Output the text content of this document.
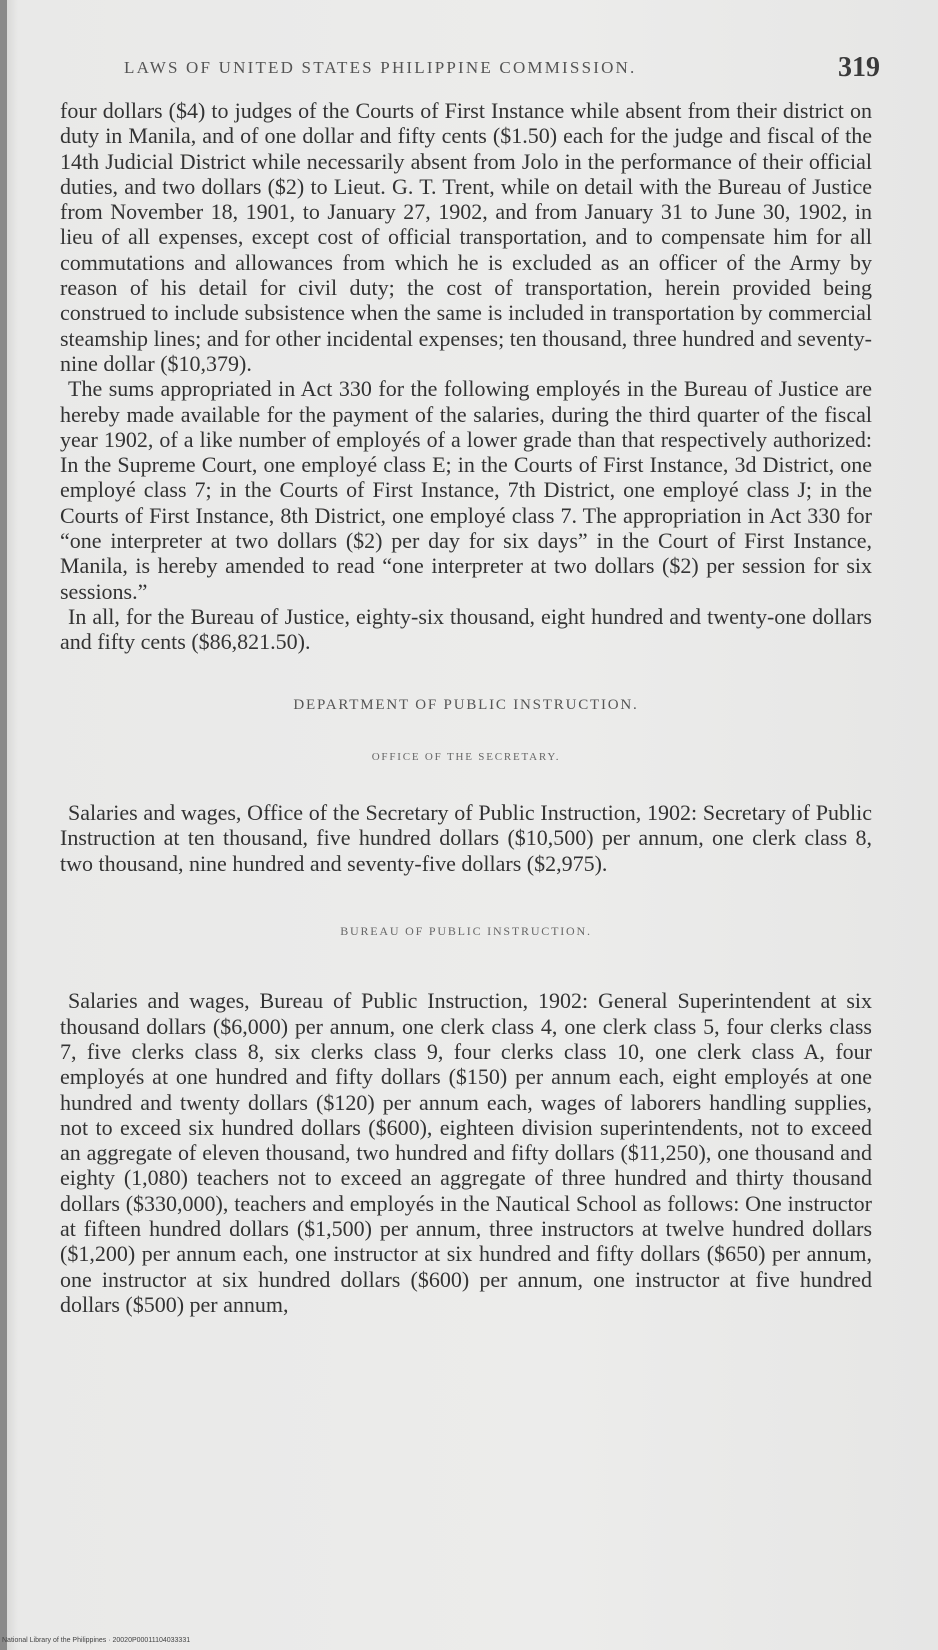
LAWS OF UNITED STATES PHILIPPINE COMMISSION.	319

four dollars ($4) to judges of the Courts of First Instance while absent from their district on duty in Manila, and of one dollar and fifty cents ($1.50) each for the judge and fiscal of the 14th Judicial District while necessarily absent from Jolo in the performance of their official duties, and two dollars ($2) to Lieut. G. T. Trent, while on detail with the Bureau of Justice from November 18, 1901, to January 27, 1902, and from January 31 to June 30, 1902, in lieu of all expenses, except cost of official transportation, and to compensate him for all commutations and allowances from which he is excluded as an officer of the Army by reason of his detail for civil duty; the cost of transportation, herein provided being construed to include subsistence when the same is included in transportation by commercial steamship lines; and for other incidental expenses; ten thousand, three hundred and seventy-nine dollar ($10,379).

The sums appropriated in Act 330 for the following employés in the Bureau of Justice are hereby made available for the payment of the salaries, during the third quarter of the fiscal year 1902, of a like number of employés of a lower grade than that respectively authorized: In the Supreme Court, one employé class E; in the Courts of First Instance, 3d District, one employé class 7; in the Courts of First Instance, 7th District, one employé class J; in the Courts of First Instance, 8th District, one employé class 7. The appropriation in Act 330 for “one interpreter at two dollars ($2) per day for six days” in the Court of First Instance, Manila, is hereby amended to read “one interpreter at two dollars ($2) per session for six sessions.”

In all, for the Bureau of Justice, eighty-six thousand, eight hundred and twenty-one dollars and fifty cents ($86,821.50).

DEPARTMENT OF PUBLIC INSTRUCTION.
OFFICE OF THE SECRETARY.

Salaries and wages, Office of the Secretary of Public Instruction, 1902: Secretary of Public Instruction at ten thousand, five hundred dollars ($10,500) per annum, one clerk class 8, two thousand, nine hundred and seventy-five dollars ($2,975).

BUREAU OF PUBLIC INSTRUCTION.

Salaries and wages, Bureau of Public Instruction, 1902: General Superintendent at six thousand dollars ($6,000) per annum, one clerk class 4, one clerk class 5, four clerks class 7, five clerks class 8, six clerks class 9, four clerks class 10, one clerk class A, four employés at one hundred and fifty dollars ($150) per annum each, eight employés at one hundred and twenty dollars ($120) per annum each, wages of laborers handling supplies, not to exceed six hundred dollars ($600), eighteen division superintendents, not to exceed an aggregate of eleven thousand, two hundred and fifty dollars ($11,250), one thousand and eighty (1,080) teachers not to exceed an aggregate of three hundred and thirty thousand dollars ($330,000), teachers and employés in the Nautical School as follows: One instructor at fifteen hundred dollars ($1,500) per annum, three instructors at twelve hundred dollars ($1,200) per annum each, one instructor at six hundred and fifty dollars ($650) per annum, one instructor at six hundred dollars ($600) per annum, one instructor at five hundred dollars ($500) per annum,

National Library of the Philippines · 20020P00011104033331
